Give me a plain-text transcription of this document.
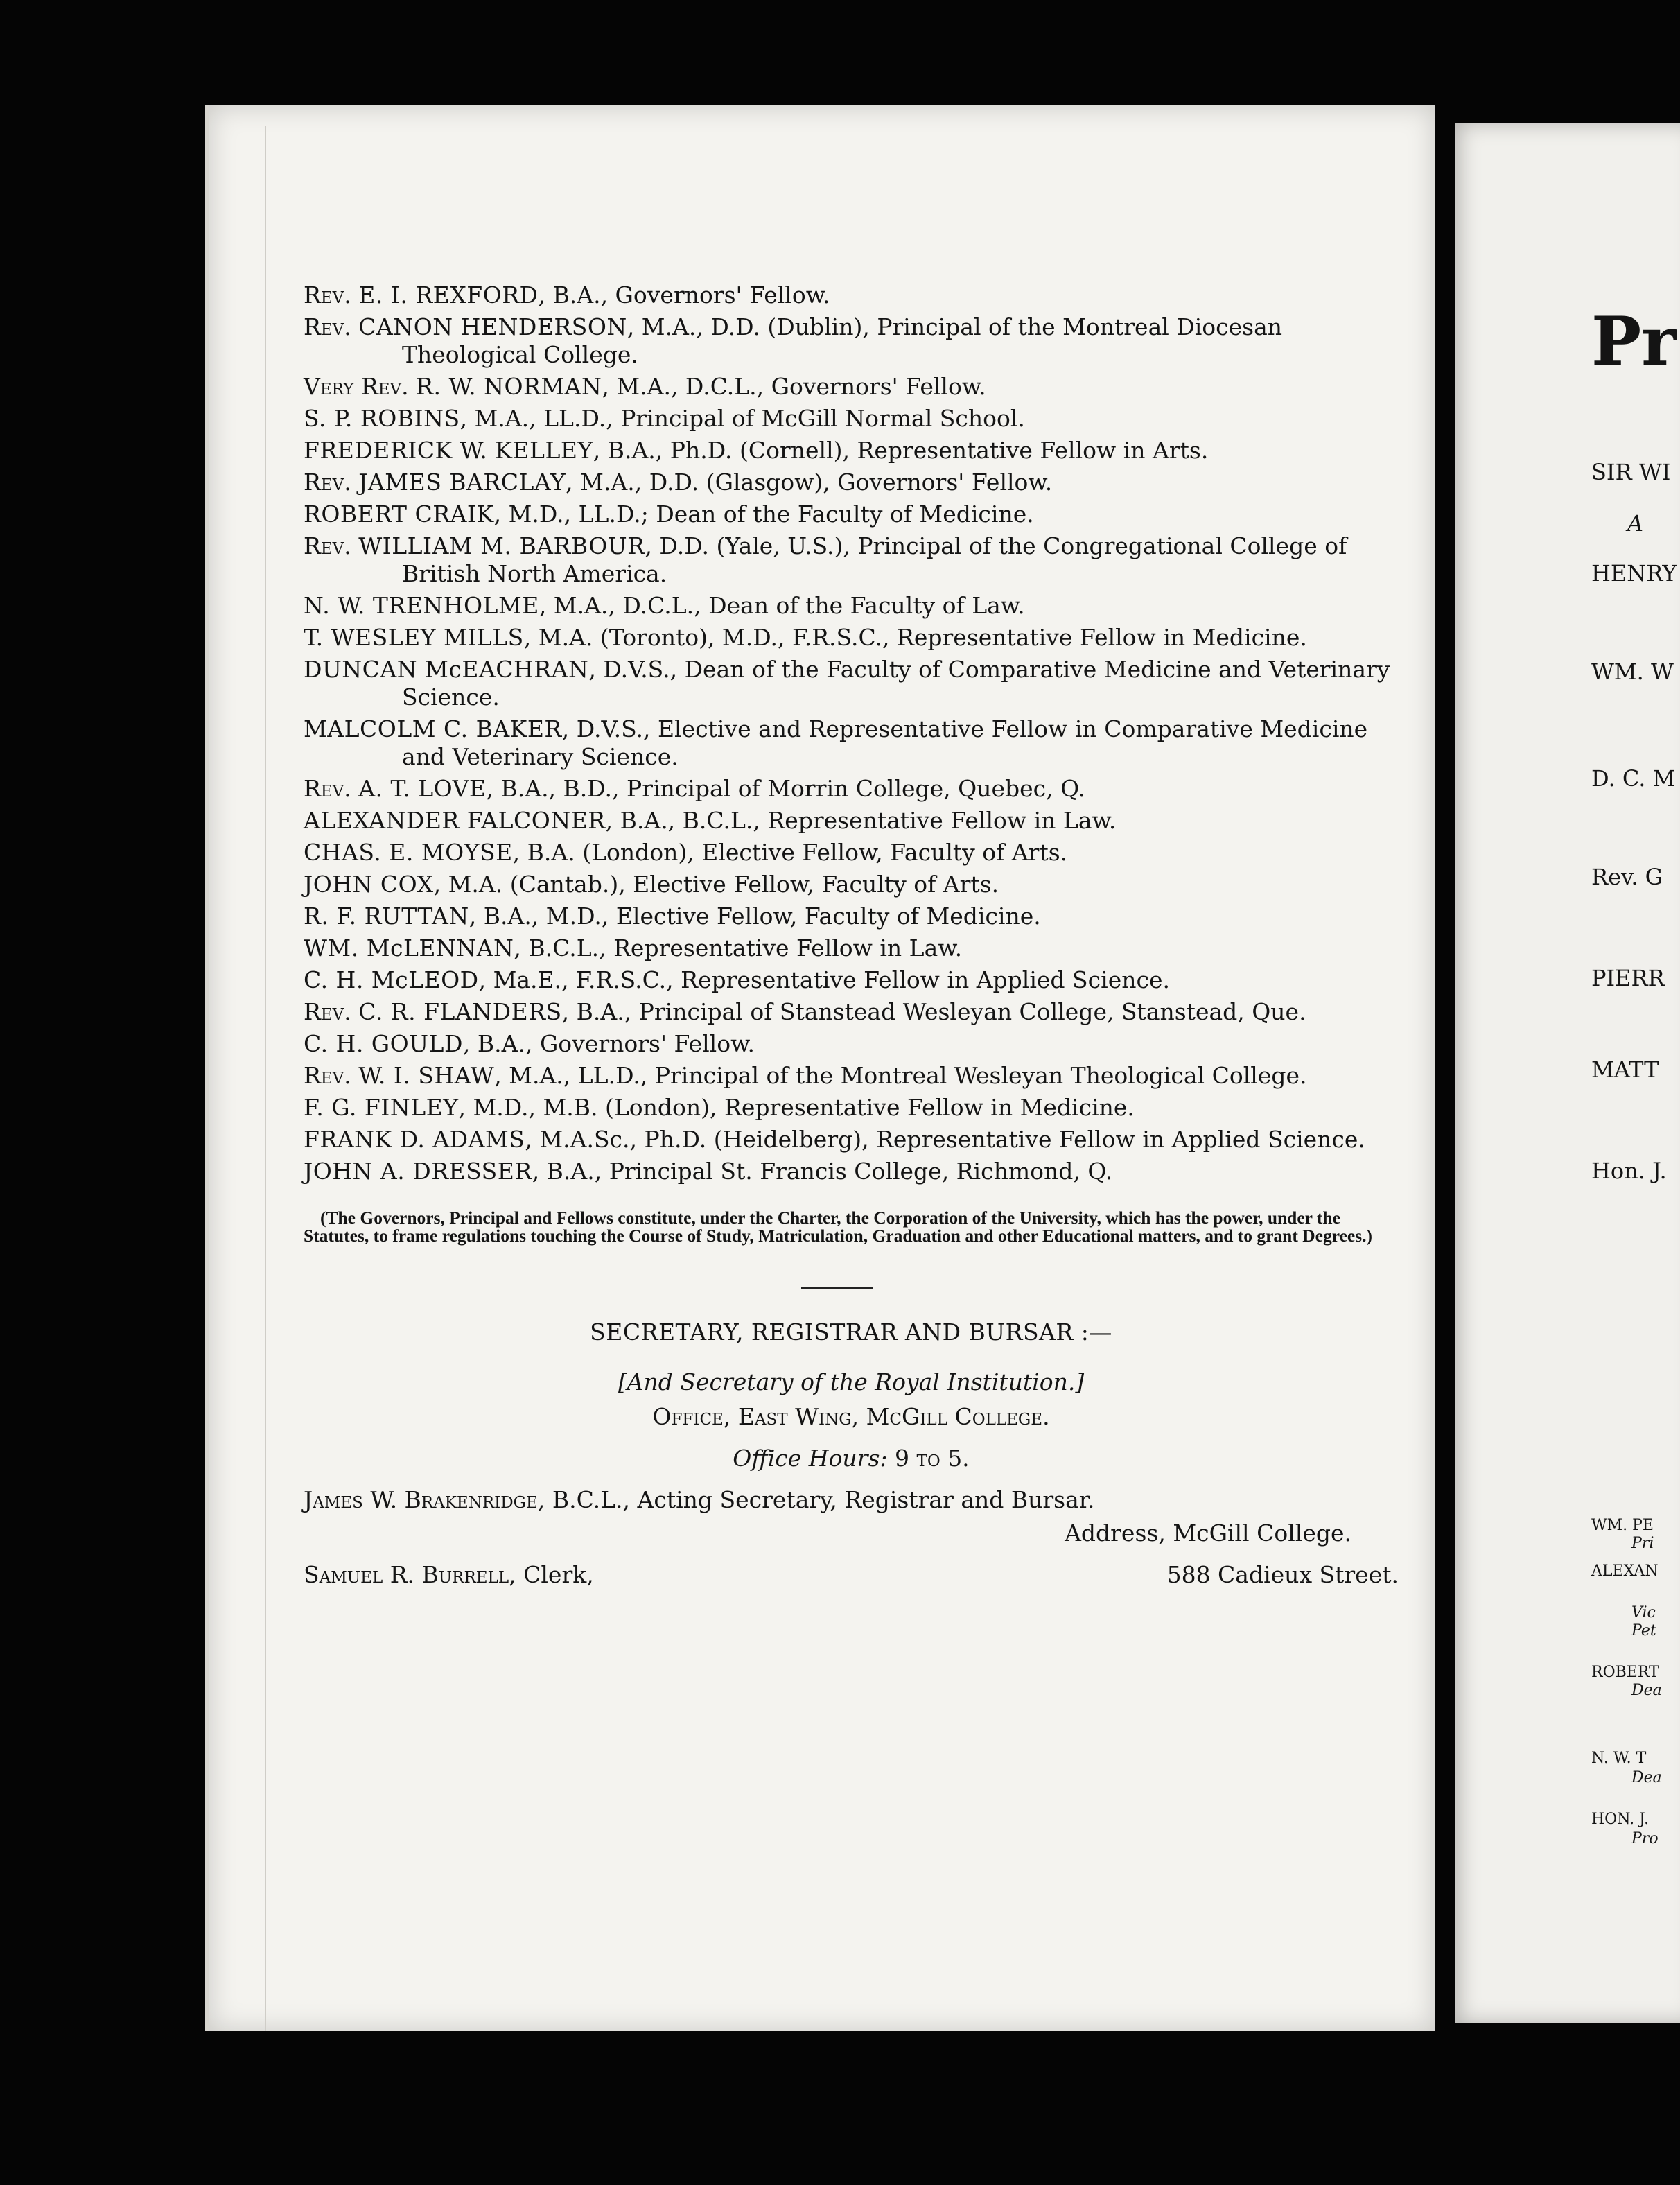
Rev. E. I. REXFORD, B.A., Governors' Fellow.

Rev. CANON HENDERSON, M.A., D.D. (Dublin), Principal of the Montreal Diocesan Theological College.

Very Rev. R. W. NORMAN, M.A., D.C.L., Governors' Fellow.

S. P. ROBINS, M.A., LL.D., Principal of McGill Normal School.

FREDERICK W. KELLEY, B.A., Ph.D. (Cornell), Representative Fellow in Arts.

Rev. JAMES BARCLAY, M.A., D.D. (Glasgow), Governors' Fellow.

ROBERT CRAIK, M.D., LL.D.; Dean of the Faculty of Medicine.

Rev. WILLIAM M. BARBOUR, D.D. (Yale, U.S.), Principal of the Congregational College of British North America.

N. W. TRENHOLME, M.A., D.C.L., Dean of the Faculty of Law.

T. WESLEY MILLS, M.A. (Toronto), M.D., F.R.S.C., Representative Fellow in Medicine.

DUNCAN McEACHRAN, D.V.S., Dean of the Faculty of Comparative Medicine and Veterinary Science.

MALCOLM C. BAKER, D.V.S., Elective and Representative Fellow in Comparative Medicine and Veterinary Science.

Rev. A. T. LOVE, B.A., B.D., Principal of Morrin College, Quebec, Q.

ALEXANDER FALCONER, B.A., B.C.L., Representative Fellow in Law.

CHAS. E. MOYSE, B.A. (London), Elective Fellow, Faculty of Arts.

JOHN COX, M.A. (Cantab.), Elective Fellow, Faculty of Arts.

R. F. RUTTAN, B.A., M.D., Elective Fellow, Faculty of Medicine.

WM. McLENNAN, B.C.L., Representative Fellow in Law.

C. H. McLEOD, Ma.E., F.R.S.C., Representative Fellow in Applied Science.

Rev. C. R. FLANDERS, B.A., Principal of Stanstead Wesleyan College, Stanstead, Que.

C. H. GOULD, B.A., Governors' Fellow.

Rev. W. I. SHAW, M.A., LL.D., Principal of the Montreal Wesleyan Theological College.

F. G. FINLEY, M.D., M.B. (London), Representative Fellow in Medicine.

FRANK D. ADAMS, M.A.Sc., Ph.D. (Heidelberg), Representative Fellow in Applied Science.

JOHN A. DRESSER, B.A., Principal St. Francis College, Richmond, Q.

(The Governors, Principal and Fellows constitute, under the Charter, the Corporation of the University, which has the power, under the Statutes, to frame regulations touching the Course of Study, Matriculation, Graduation and other Educational matters, and to grant Degrees.)

SECRETARY, REGISTRAR AND BURSAR :—
[And Secretary of the Royal Institution.]
Office, East Wing, McGill College.
Office Hours: 9 to 5.
James W. Brakenridge, B.C.L., Acting Secretary, Registrar and Bursar.
Address, McGill College.
Samuel R. Burrell, Clerk,	588 Cadieux Street.
Pr
SIR WI
A
HENRY
WM. W
D. C. M
Rev. G
PIERR
MATT
Hon. J.
WM. PE
Pri
ALEXAN
Vic
Pet
ROBERT
Dea
N. W. T
Dea
HON. J.
Pro
